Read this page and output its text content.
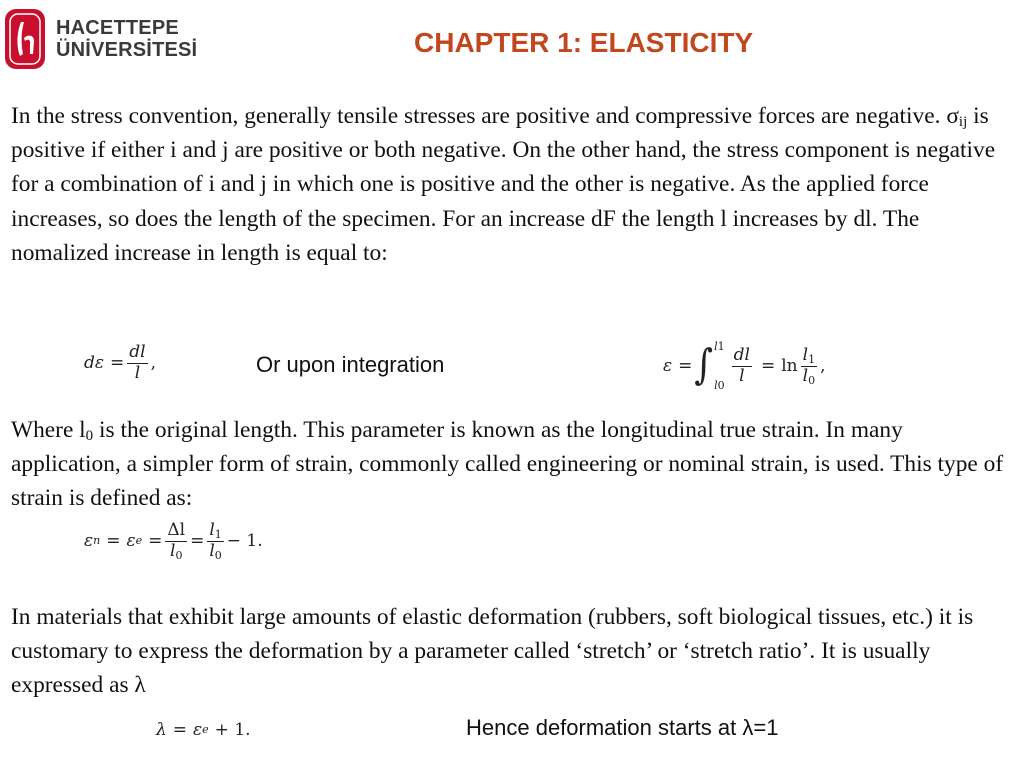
HACETTEPE
ÜNİVERSİTESİ	CHAPTER 1: ELASTICITY

In the stress convention, generally tensile stresses are positive and compressive forces are negative. $\sigma_{ij}$ is positive if either i and j are positive or both negative. On the other hand, the stress component is negative for a combination of i and j in which one is positive and the other is negative. As the applied force increases, so does the length of the specimen. For an increase dF the length l increases by dl. The nomalized increase in length is equal to:

$d\varepsilon = \frac{dl}{l}$ ,	Or upon integration	ε = ∫ l1
l0
$\frac{dl}{l} = \ln \frac{l_1}{l_0}$ ,

Where $l_0$ is the original length. This parameter is known as the longitudinal true strain. In many application, a simpler form of strain, commonly called engineering or nominal strain, is used. This type of strain is defined as:

ε n = ε $e = \frac{\Delta l}{l_0} = \frac{l_1}{l_0} - 1$.

In materials that exhibit large amounts of elastic deformation (rubbers, soft biological tissues, etc.) it is customary to express the deformation by a parameter called ‘stretch’ or ‘stretch ratio’. It is usually expressed as λ

λ = ε e + 1.	Hence deformation starts at λ=1
